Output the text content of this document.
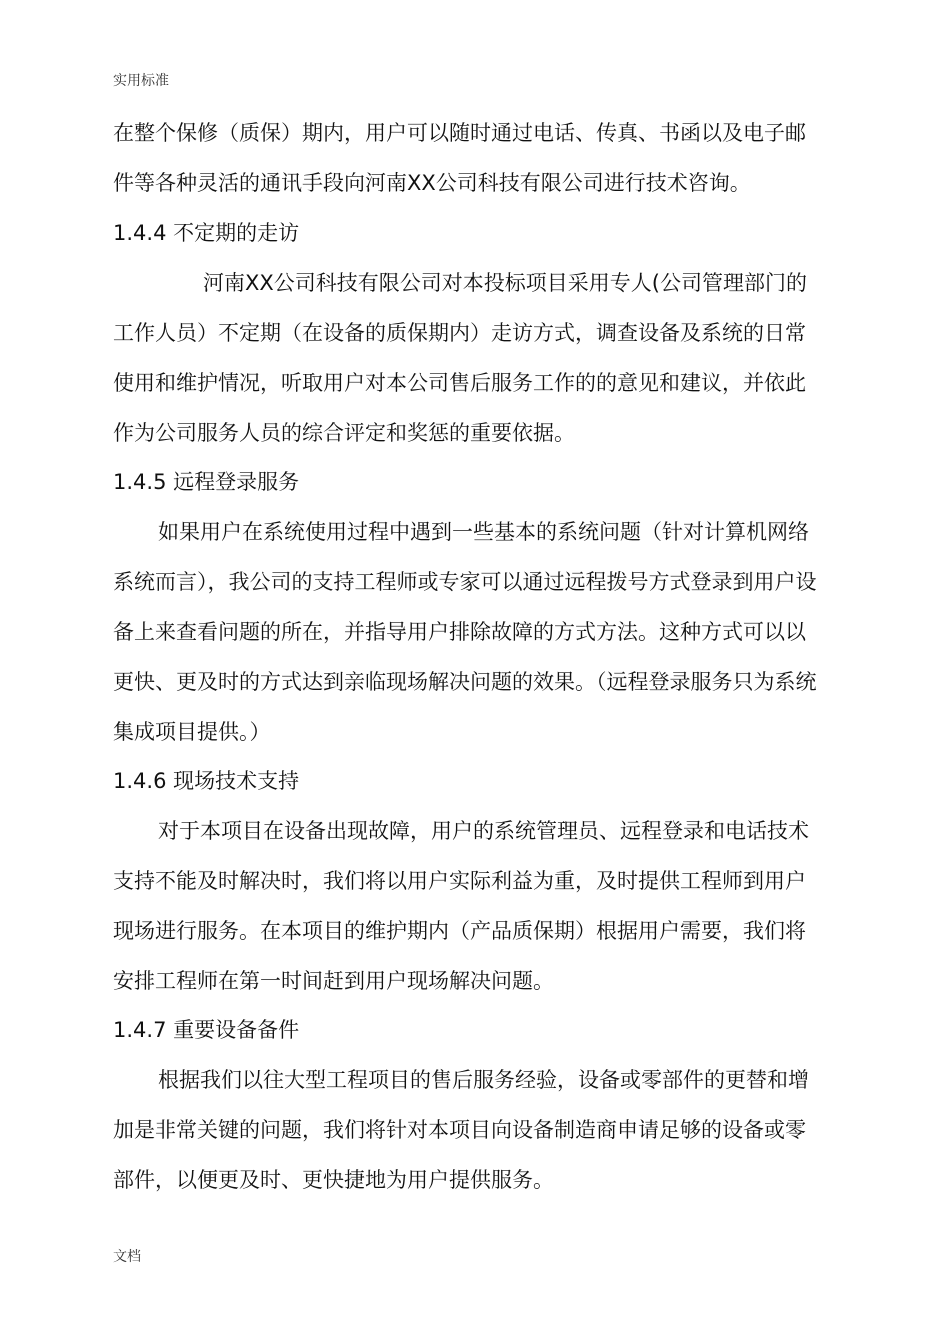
实用标准
在整个保修（质保）期内，用户可以随时通过电话、传真、书函以及电子邮
件等各种灵活的通讯手段向河南XX公司科技有限公司进行技术咨询。
1.4.4 不定期的走访
河南XX公司科技有限公司对本投标项目采用专人(公司管理部门的
工作人员）不定期（在设备的质保期内）走访方式，调查设备及系统的日常
使用和维护情况，听取用户对本公司售后服务工作的的意见和建议，并依此
作为公司服务人员的综合评定和奖惩的重要依据。
1.4.5 远程登录服务
如果用户在系统使用过程中遇到一些基本的系统问题（针对计算机网络
系统而言），我公司的支持工程师或专家可以通过远程拨号方式登录到用户设
备上来查看问题的所在，并指导用户排除故障的方式方法。这种方式可以以
更快、更及时的方式达到亲临现场解决问题的效果。（远程登录服务只为系统
集成项目提供。）
1.4.6 现场技术支持
对于本项目在设备出现故障，用户的系统管理员、远程登录和电话技术
支持不能及时解决时，我们将以用户实际利益为重，及时提供工程师到用户
现场进行服务。在本项目的维护期内（产品质保期）根据用户需要，我们将
安排工程师在第一时间赶到用户现场解决问题。
1.4.7 重要设备备件
根据我们以往大型工程项目的售后服务经验，设备或零部件的更替和增
加是非常关键的问题，我们将针对本项目向设备制造商申请足够的设备或零
部件，以便更及时、更快捷地为用户提供服务。
文档
